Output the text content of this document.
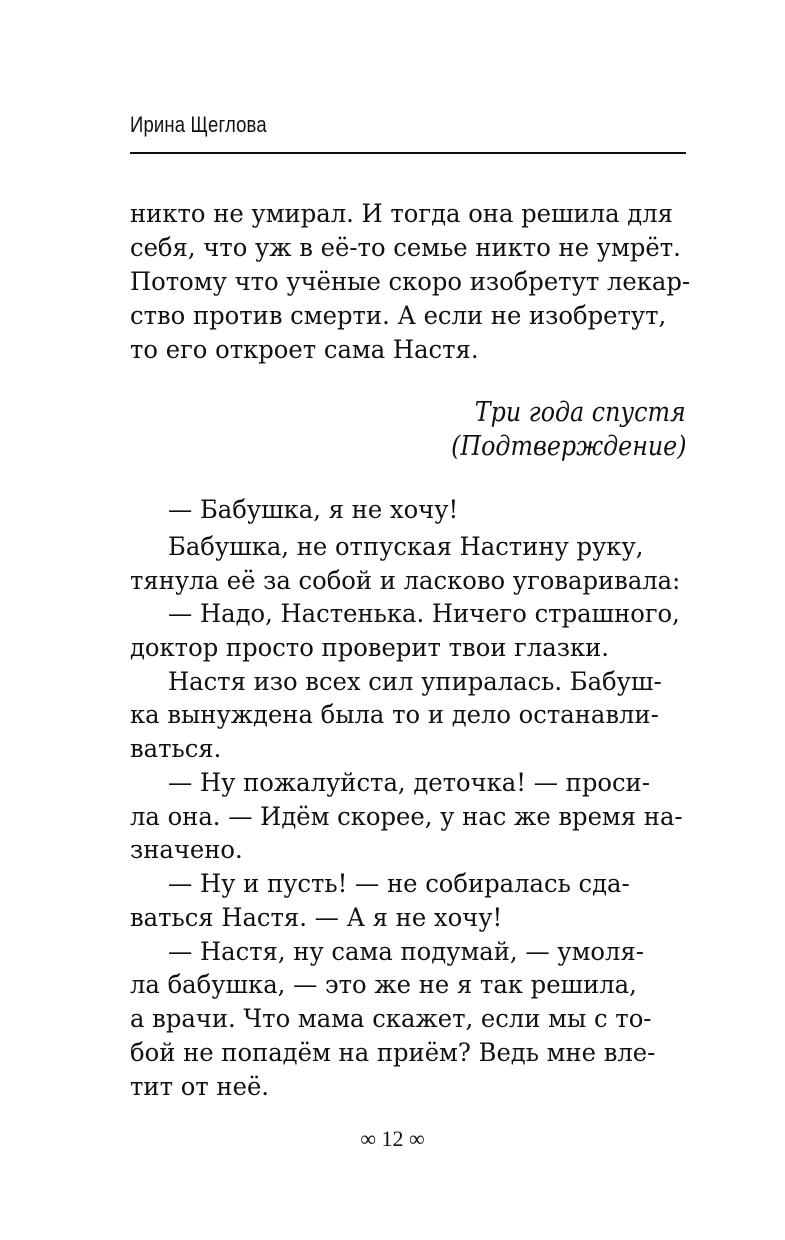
Ирина Щеглова
никто не умирал. И тогда она решила для
себя, что уж в её-то семье никто не умрёт.
Потому что учёные скоро изобретут лекар-
ство против смерти. А если не изобретут,
то его откроет сама Настя.
Три года спустя
(Подтверждение)
— Бабушка, я не хочу!
Бабушка, не отпуская Настину руку,
тянула её за собой и ласково уговаривала:
— Надо, Настенька. Ничего страшного,
доктор просто проверит твои глазки.
Настя изо всех сил упиралась. Бабуш-
ка вынуждена была то и дело останавли-
ваться.
— Ну пожалуйста, деточка! — проси-
ла она. — Идём скорее, у нас же время на-
значено.
— Ну и пусть! — не собиралась сда-
ваться Настя. — А я не хочу!
— Настя, ну сама подумай, — умоля-
ла бабушка, — это же не я так решила,
а врачи. Что мама скажет, если мы с то-
бой не попадём на приём? Ведь мне вле-
тит от неё.
∞ 12 ∞
